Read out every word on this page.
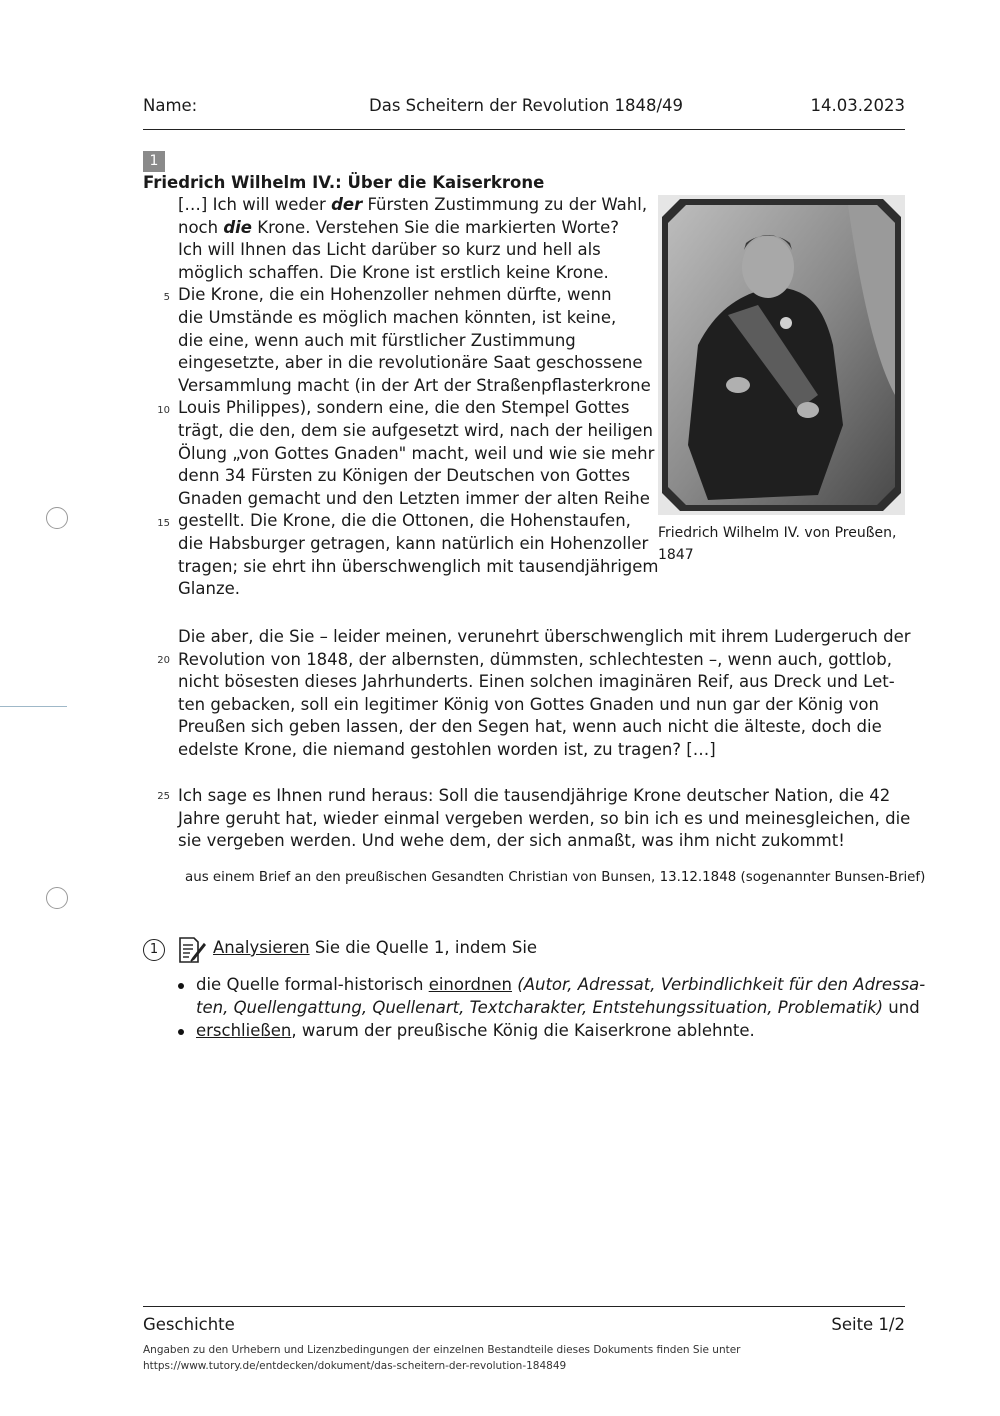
Name:	Das Scheitern der Revolution 1848/49	14.03.2023
1
Friedrich Wilhelm IV.: Über die Kaiserkrone
[…] Ich will weder der Fürsten Zustimmung zu der Wahl,
noch die Krone. Verstehen Sie die markierten Worte?
Ich will Ihnen das Licht darüber so kurz und hell als
möglich schaffen. Die Krone ist erstlich keine Krone.
Die Krone, die ein Hohenzoller nehmen dürfte, wenn
die Umstände es möglich machen könnten, ist keine,
die eine, wenn auch mit fürstlicher Zustimmung
eingesetzte, aber in die revolutionäre Saat geschossene
Versammlung macht (in der Art der Straßenpflasterkrone
Louis Philippes), sondern eine, die den Stempel Gottes
trägt, die den, dem sie aufgesetzt wird, nach der heiligen
Ölung „von Gottes Gnaden" macht, weil und wie sie mehr
denn 34 Fürsten zu Königen der Deutschen von Gottes
Gnaden gemacht und den Letzten immer der alten Reihe
gestellt. Die Krone, die die Ottonen, die Hohenstaufen,
die Habsburger getragen, kann natürlich ein Hohenzoller
tragen; sie ehrt ihn überschwenglich mit tausendjährigem
Glanze.
5
10
15
20
25
Friedrich Wilhelm IV. von Preußen,
1847
Die aber, die Sie – leider meinen, verunehrt überschwenglich mit ihrem Ludergeruch der
Revolution von 1848, der albernsten, dümmsten, schlechtesten –, wenn auch, gottlob,
nicht bösesten dieses Jahrhunderts. Einen solchen imaginären Reif, aus Dreck und Let-
ten gebacken, soll ein legitimer König von Gottes Gnaden und nun gar der König von
Preußen sich geben lassen, der den Segen hat, wenn auch nicht die älteste, doch die
edelste Krone, die niemand gestohlen worden ist, zu tragen? […]
Ich sage es Ihnen rund heraus: Soll die tausendjährige Krone deutscher Nation, die 42
Jahre geruht hat, wieder einmal vergeben werden, so bin ich es und meinesgleichen, die
sie vergeben werden. Und wehe dem, der sich anmaßt, was ihm nicht zukommt!
aus einem Brief an den preußischen Gesandten Christian von Bunsen, 13.12.1848 (sogenannter Bunsen-Brief)
1	Analysieren Sie die Quelle 1, indem Sie
die Quelle formal-historisch einordnen (Autor, Adressat, Verbindlichkeit für den Adressa-
ten, Quellengattung, Quellenart, Textcharakter, Entstehungssituation, Problematik) und
erschließen, warum der preußische König die Kaiserkrone ablehnte.
Geschichte	Seite 1/2
Angaben zu den Urhebern und Lizenzbedingungen der einzelnen Bestandteile dieses Dokuments finden Sie unter
https://www.tutory.de/entdecken/dokument/das-scheitern-der-revolution-184849
